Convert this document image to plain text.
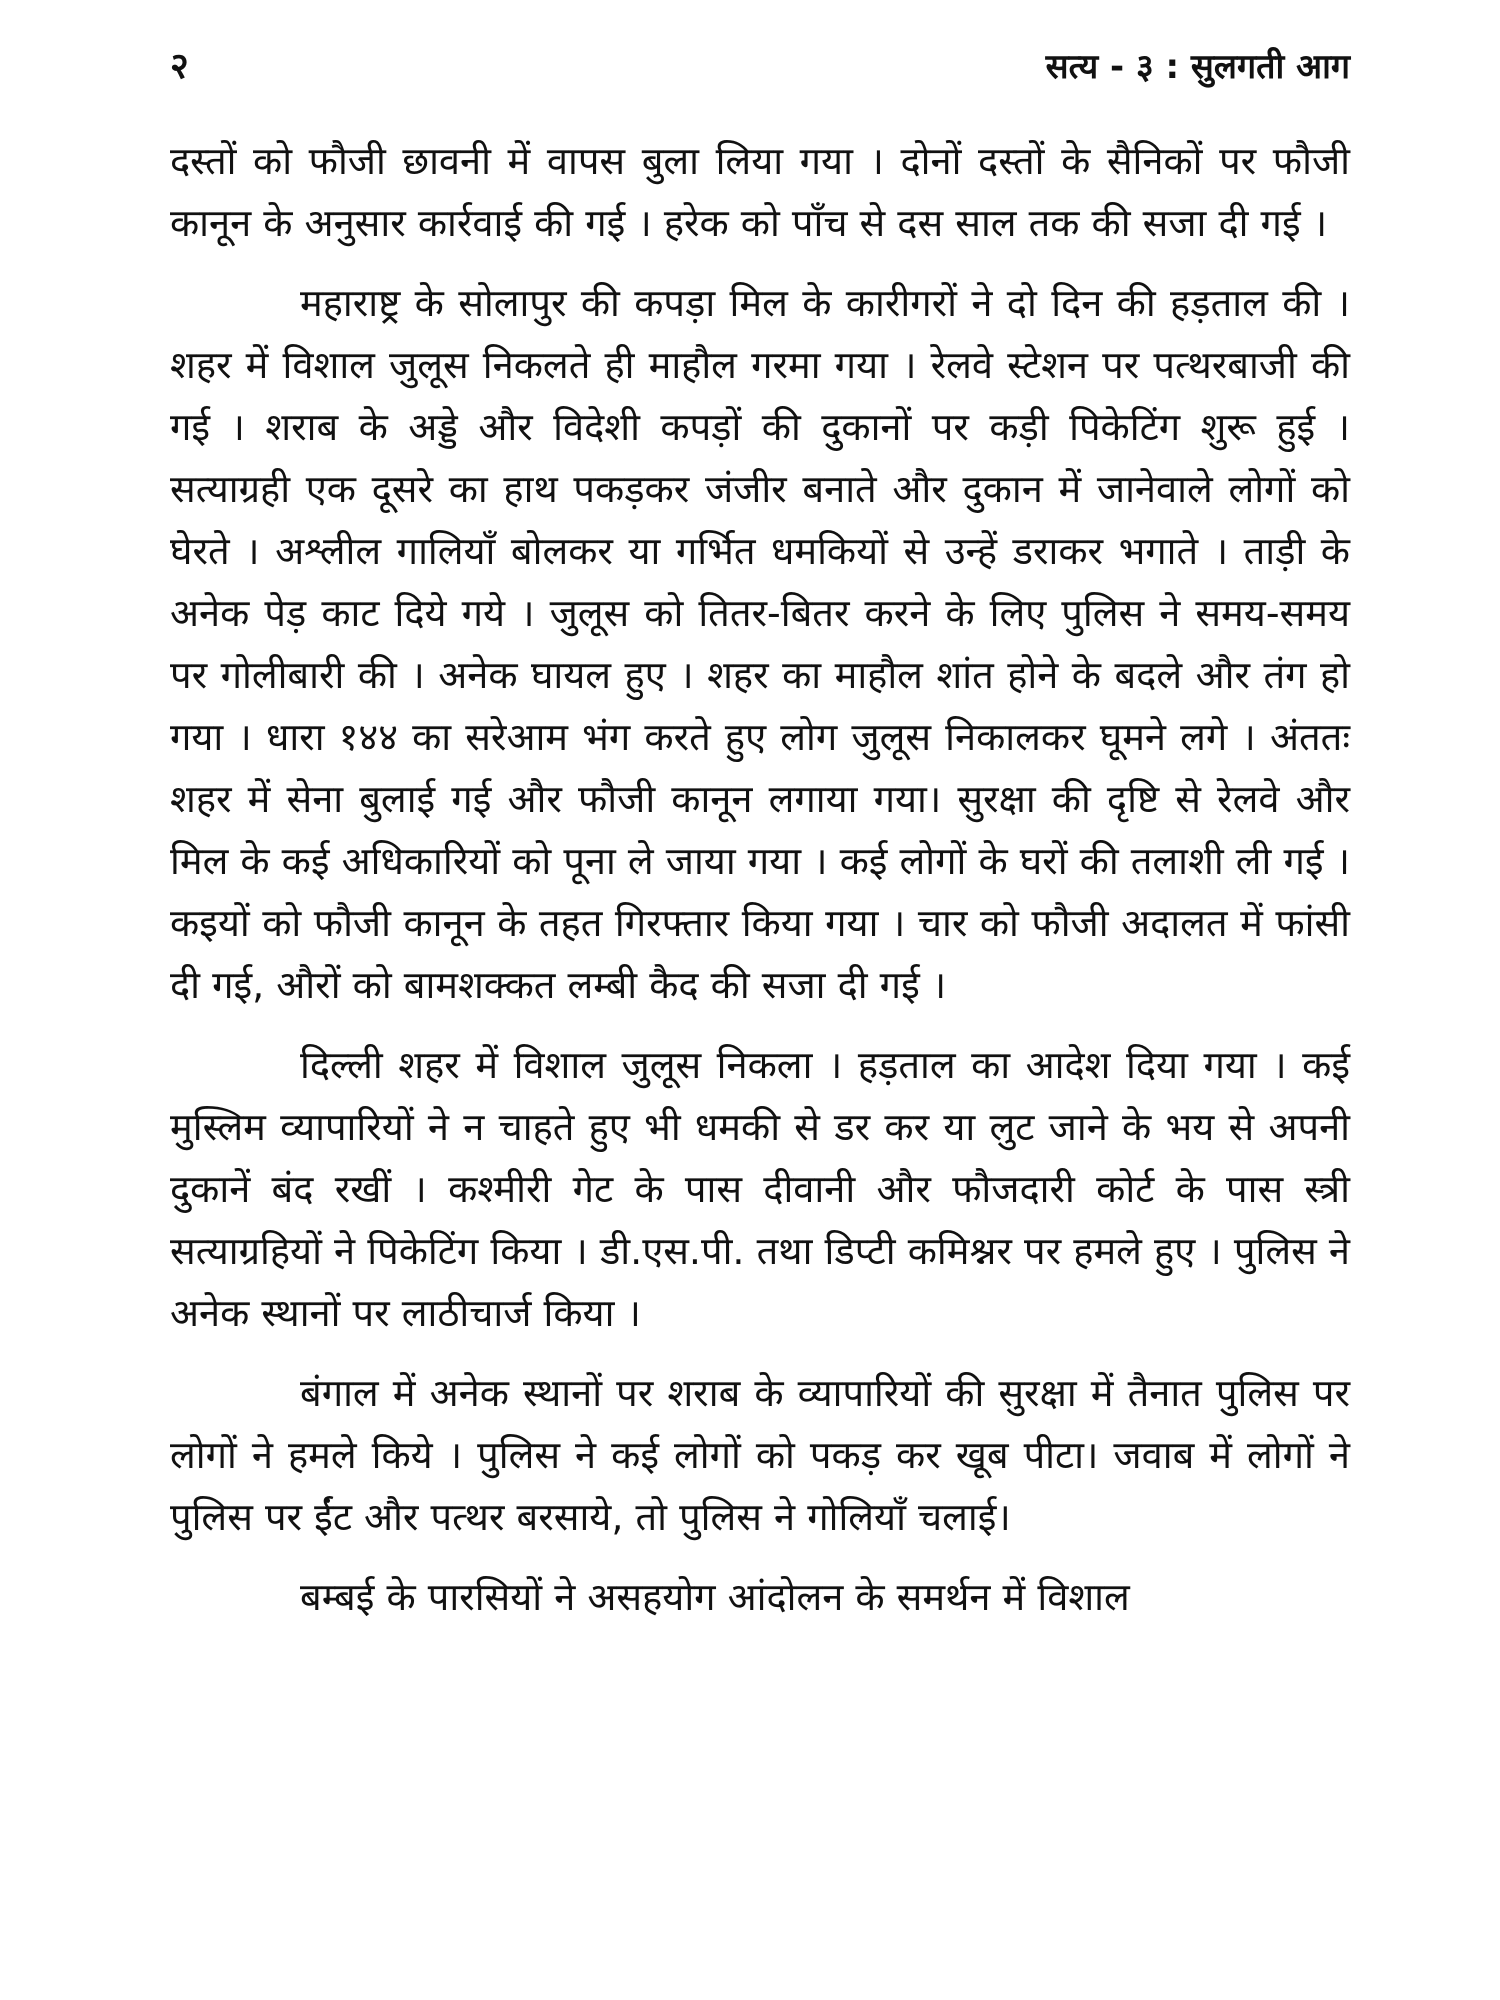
२	सत्य - ३ : सुलगती आग

दस्तों को फौजी छावनी में वापस बुला लिया गया । दोनों दस्तों के सैनिकों पर फौजी कानून के अनुसार कार्रवाई की गई । हरेक को पाँच से दस साल तक की सजा दी गई ।

महाराष्ट्र के सोलापुर की कपड़ा मिल के कारीगरों ने दो दिन की हड़ताल की । शहर में विशाल जुलूस निकलते ही माहौल गरमा गया । रेलवे स्टेशन पर पत्थरबाजी की गई । शराब के अड्डे और विदेशी कपड़ों की दुकानों पर कड़ी पिकेटिंग शुरू हुई । सत्याग्रही एक दूसरे का हाथ पकड़कर जंजीर बनाते और दुकान में जानेवाले लोगों को घेरते । अश्लील गालियाँ बोलकर या गर्भित धमकियों से उन्हें डराकर भगाते । ताड़ी के अनेक पेड़ काट दिये गये । जुलूस को तितर-बितर करने के लिए पुलिस ने समय-समय पर गोलीबारी की । अनेक घायल हुए । शहर का माहौल शांत होने के बदले और तंग हो गया । धारा १४४ का सरेआम भंग करते हुए लोग जुलूस निकालकर घूमने लगे । अंततः शहर में सेना बुलाई गई और फौजी कानून लगाया गया। सुरक्षा की दृष्टि से रेलवे और मिल के कई अधिकारियों को पूना ले जाया गया । कई लोगों के घरों की तलाशी ली गई । कइयों को फौजी कानून के तहत गिरफ्तार किया गया । चार को फौजी अदालत में फांसी दी गई, औरों को बामशक्कत लम्बी कैद की सजा दी गई ।

दिल्ली शहर में विशाल जुलूस निकला । हड़ताल का आदेश दिया गया । कई मुस्लिम व्यापारियों ने न चाहते हुए भी धमकी से डर कर या लुट जाने के भय से अपनी दुकानें बंद रखीं । कश्मीरी गेट के पास दीवानी और फौजदारी कोर्ट के पास स्त्री सत्याग्रहियों ने पिकेटिंग किया । डी.एस.पी. तथा डिप्टी कमिश्नर पर हमले हुए । पुलिस ने अनेक स्थानों पर लाठीचार्ज किया ।

बंगाल में अनेक स्थानों पर शराब के व्यापारियों की सुरक्षा में तैनात पुलिस पर लोगों ने हमले किये । पुलिस ने कई लोगों को पकड़ कर खूब पीटा। जवाब में लोगों ने पुलिस पर ईंट और पत्थर बरसाये, तो पुलिस ने गोलियाँ चलाई।

बम्बई के पारसियों ने असहयोग आंदोलन के समर्थन में विशाल
